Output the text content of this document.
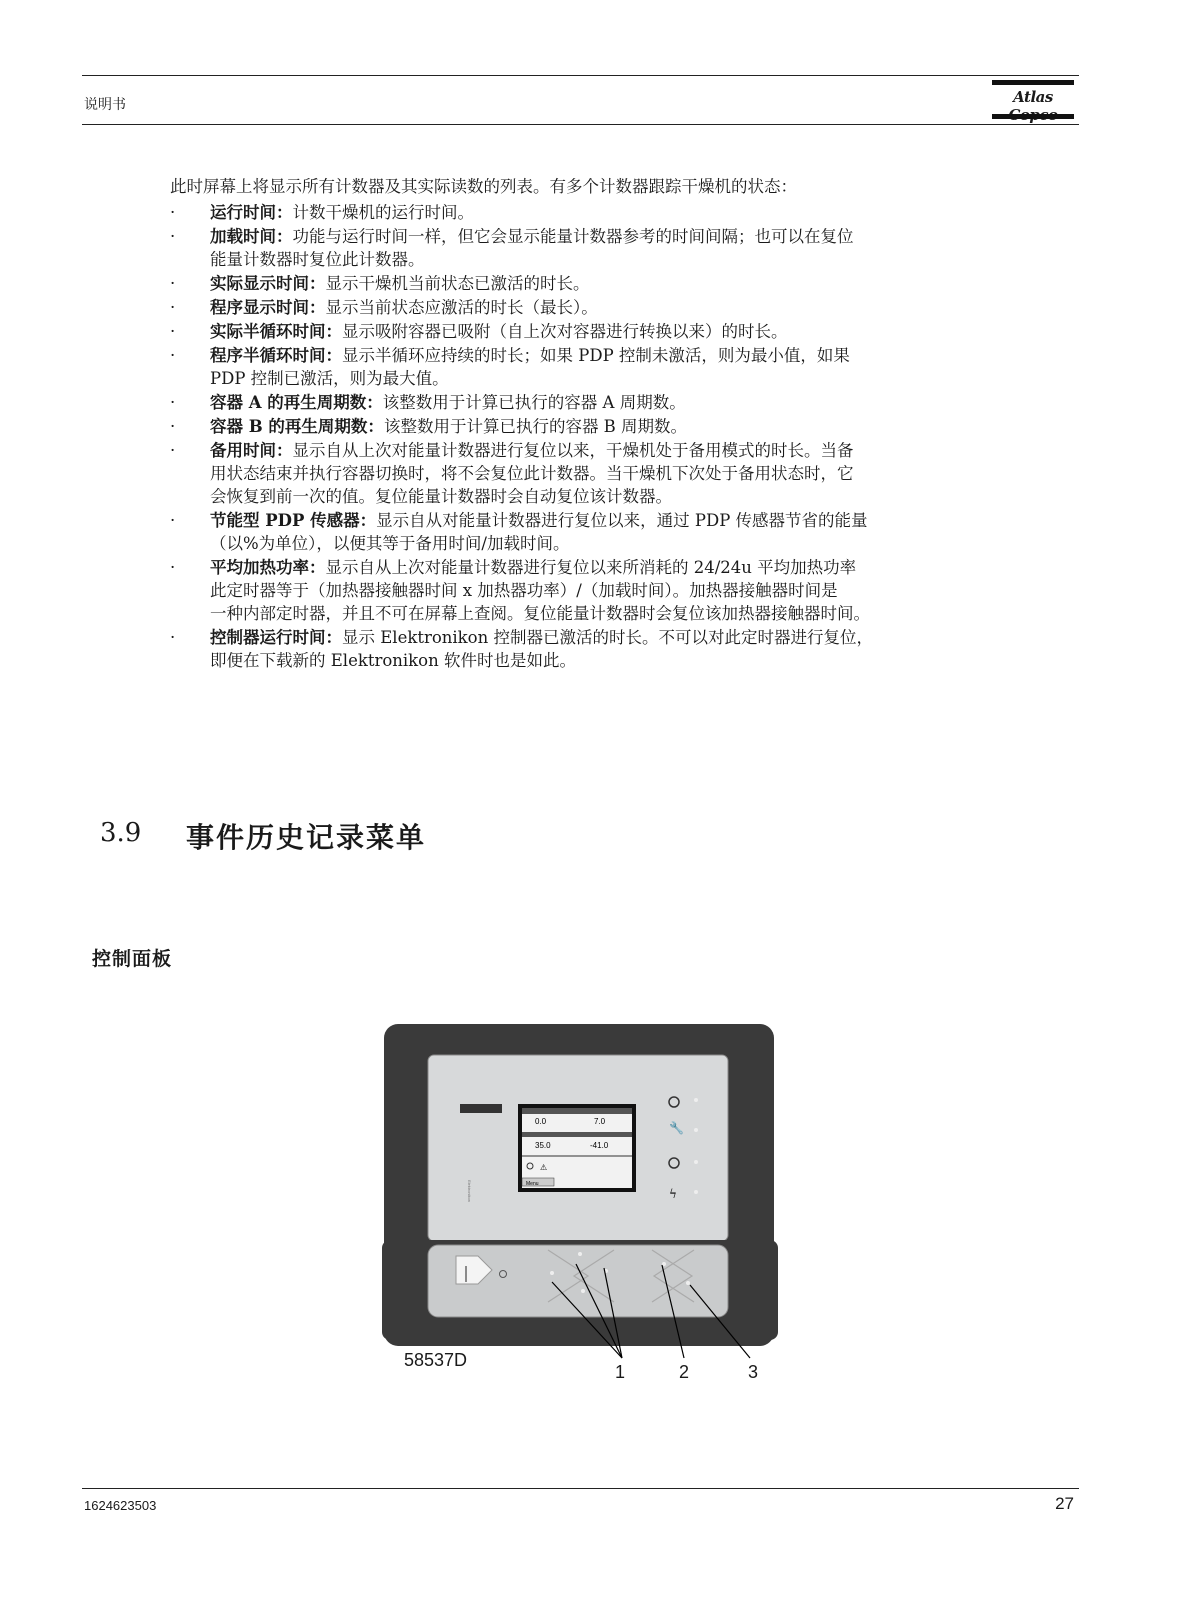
说明书	Atlas
此时屏幕上将显示所有计数器及其实际读数的列表。有多个计数器跟踪干燥机的状态：
· 运行时间：计数干燥机的运行时间。
· 加载时间：功能与运行时间一样，但它会显示能量计数器参考的时间间隔；也可以在复位
能量计数器时复位此计数器。
· 实际显示时间：显示干燥机当前状态已激活的时长。
· 程序显示时间：显示当前状态应激活的时长（最长）。
· 实际半循环时间：显示吸附容器已吸附（自上次对容器进行转换以来）的时长。
· 程序半循环时间：显示半循环应持续的时长；如果 PDP 控制未激活，则为最小值，如果
PDP 控制已激活，则为最大值。
· 容器 A 的再生周期数：该整数用于计算已执行的容器 A 周期数。
· 容器 B 的再生周期数：该整数用于计算已执行的容器 B 周期数。
· 备用时间：显示自从上次对能量计数器进行复位以来，干燥机处于备用模式的时长。当备
用状态结束并执行容器切换时，将不会复位此计数器。当干燥机下次处于备用状态时，它
会恢复到前一次的值。复位能量计数器时会自动复位该计数器。
· 节能型 PDP 传感器：显示自从对能量计数器进行复位以来，通过 PDP 传感器节省的能量
（以%为单位），以便其等于备用时间/加载时间。
· 平均加热功率：显示自从上次对能量计数器进行复位以来所消耗的 24/24u 平均加热功率
此定时器等于（加热器接触器时间 x 加热器功率）/（加载时间）。加热器接触器时间是
一种内部定时器，并且不可在屏幕上查阅。复位能量计数器时会复位该加热器接触器时间。
· 控制器运行时间：显示 Elektronikon 控制器已激活的时长。不可以对此定时器进行复位，
即便在下载新的 Elektronikon 软件时也是如此。
3.9 事件历史记录菜单
控制面板
Elektronikon
0.0	7.0
35.0	-41.0
⚠
Menu
🔧
ϟ
58537D
1	2	3
1624623503	27
